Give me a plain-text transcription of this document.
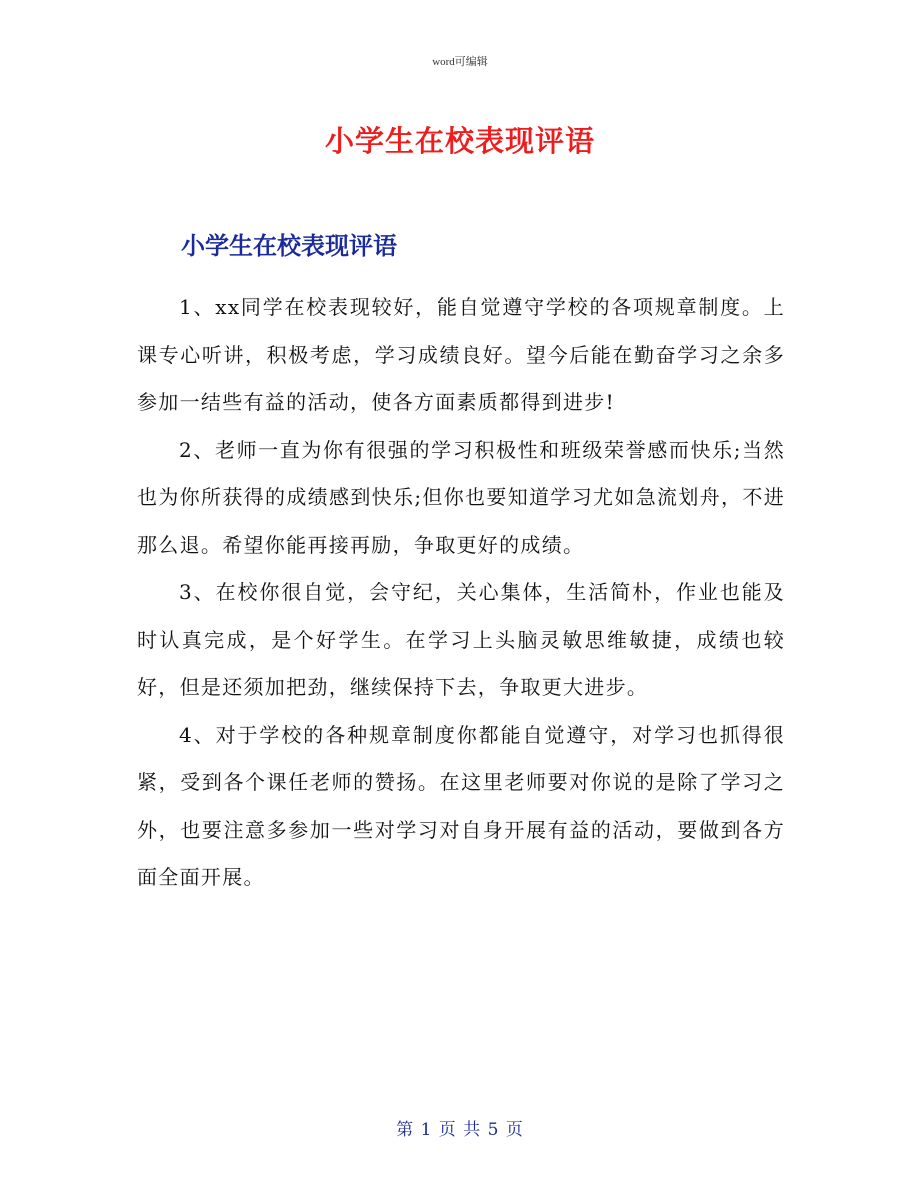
word可编辑
小学生在校表现评语
小学生在校表现评语

1、xx同学在校表现较好，能自觉遵守学校的各项规章制度。上课专心听讲，积极考虑，学习成绩良好。望今后能在勤奋学习之余多参加一结些有益的活动，使各方面素质都得到进步!

2、老师一直为你有很强的学习积极性和班级荣誉感而快乐;当然也为你所获得的成绩感到快乐;但你也要知道学习尤如急流划舟，不进那么退。希望你能再接再励，争取更好的成绩。

3、在校你很自觉，会守纪，关心集体，生活简朴，作业也能及时认真完成，是个好学生。在学习上头脑灵敏思维敏捷，成绩也较好，但是还须加把劲，继续保持下去，争取更大进步。

4、对于学校的各种规章制度你都能自觉遵守，对学习也抓得很紧，受到各个课任老师的赞扬。在这里老师要对你说的是除了学习之外，也要注意多参加一些对学习对自身开展有益的活动，要做到各方面全面开展。

第 1 页 共 5 页
